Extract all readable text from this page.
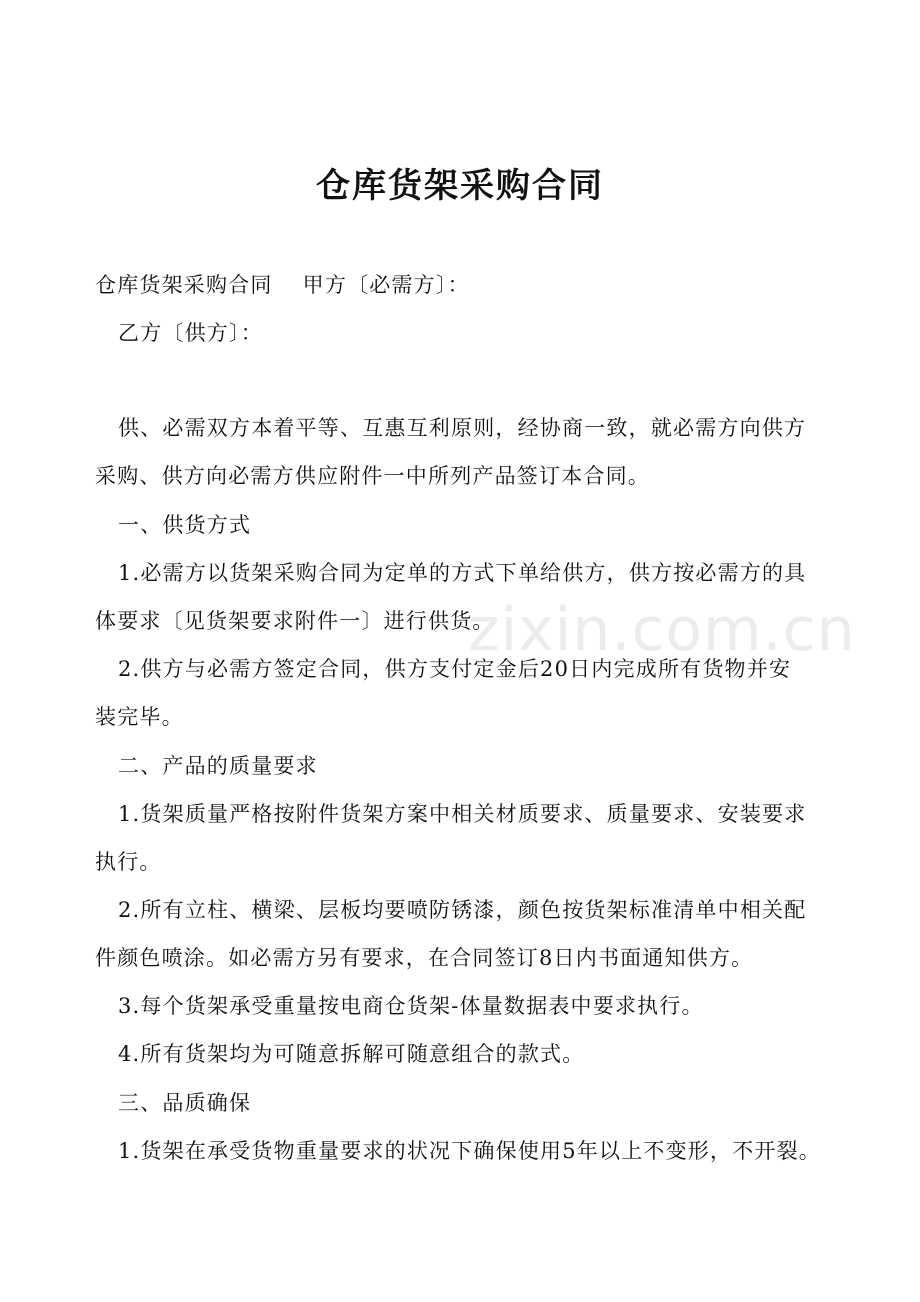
zixin.com.cn
仓库货架采购合同
仓库货架采购合同　 甲方〔必需方〕：
乙方〔供方〕：
供、必需双方本着平等、互惠互利原则，经协商一致，就必需方向供方
采购、供方向必需方供应附件一中所列产品签订本合同。
一、供货方式
1.必需方以货架采购合同为定单的方式下单给供方，供方按必需方的具
体要求〔见货架要求附件一〕进行供货。
2.供方与必需方签定合同，供方支付定金后20日内完成所有货物并安
装完毕。
二、产品的质量要求
1.货架质量严格按附件货架方案中相关材质要求、质量要求、安装要求
执行。
2.所有立柱、横梁、层板均要喷防锈漆，颜色按货架标准清单中相关配
件颜色喷涂。如必需方另有要求，在合同签订8日内书面通知供方。
3.每个货架承受重量按电商仓货架-体量数据表中要求执行。
4.所有货架均为可随意拆解可随意组合的款式。
三、品质确保
1.货架在承受货物重量要求的状况下确保使用5年以上不变形，不开裂。
